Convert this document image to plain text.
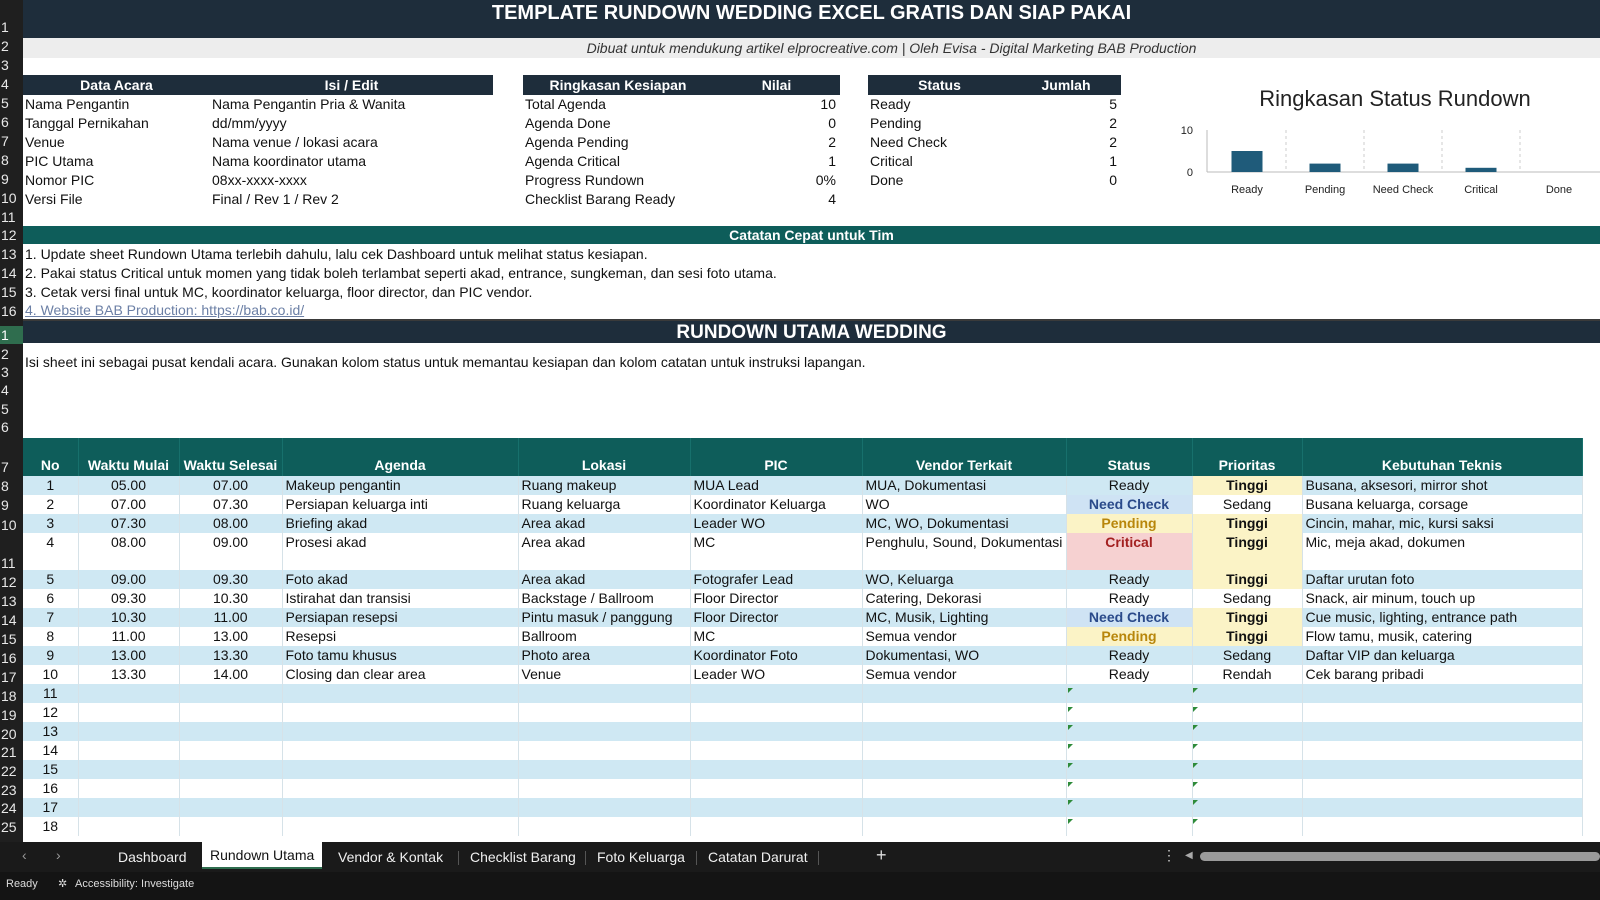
1
2
3
4
5
6
7
8
9
10
11
12
13
14
15
16
1
2
3
4
5
6
7
8
9
10
11
12
13
14
15
16
17
18
19
20
21
22
23
24
25
TEMPLATE RUNDOWN WEDDING EXCEL GRATIS DAN SIAP PAKAI
Dibuat untuk mendukung artikel elprocreative.com | Oleh Evisa - Digital Marketing BAB Production
Data Acara	Isi / Edit
Nama Pengantin	Nama Pengantin Pria & Wanita
Tanggal Pernikahan	dd/mm/yyyy
Venue	Nama venue / lokasi acara
PIC Utama	Nama koordinator utama
Nomor PIC	08xx-xxxx-xxxx
Versi File	Final / Rev 1 / Rev 2
Ringkasan Kesiapan	Nilai
Total Agenda	10
Agenda Done	0
Agenda Pending	2
Agenda Critical	1
Progress Rundown	0%
Checklist Barang Ready	4
Status	Jumlah
Ready	5
Pending	2
Need Check	2
Critical	1
Done	0
Ringkasan Status Rundown
10
0
Ready	Pending	Need Check	Critical	Done
Catatan Cepat untuk Tim
1. Update sheet Rundown Utama terlebih dahulu, lalu cek Dashboard untuk melihat status kesiapan.
2. Pakai status Critical untuk momen yang tidak boleh terlambat seperti akad, entrance, sungkeman, dan sesi foto utama.
3. Cetak versi final untuk MC, koordinator keluarga, floor director, dan PIC vendor.
4. Website BAB Production: https://bab.co.id/
RUNDOWN UTAMA WEDDING
Isi sheet ini sebagai pusat kendali acara. Gunakan kolom status untuk memantau kesiapan dan kolom catatan untuk instruksi lapangan.
No	Waktu Mulai	Waktu Selesai	Agenda	Lokasi	PIC	Vendor Terkait	Status	Prioritas	Kebutuhan Teknis
1	05.00	07.00	Makeup pengantin	Ruang makeup	MUA Lead	MUA, Dokumentasi	Ready	Tinggi	Busana, aksesori, mirror shot
2	07.00	07.30	Persiapan keluarga inti	Ruang keluarga	Koordinator Keluarga	WO	Need Check	Sedang	Busana keluarga, corsage
3	07.30	08.00	Briefing akad	Area akad	Leader WO	MC, WO, Dokumentasi	Pending	Tinggi	Cincin, mahar, mic, kursi saksi
4	08.00	09.00	Prosesi akad	Area akad	MC	Penghulu, Sound, Dokumentasi	Critical	Tinggi	Mic, meja akad, dokumen
5	09.00	09.30	Foto akad	Area akad	Fotografer Lead	WO, Keluarga	Ready	Tinggi	Daftar urutan foto
6	09.30	10.30	Istirahat dan transisi	Backstage / Ballroom	Floor Director	Catering, Dekorasi	Ready	Sedang	Snack, air minum, touch up
7	10.30	11.00	Persiapan resepsi	Pintu masuk / panggung	Floor Director	MC, Musik, Lighting	Need Check	Tinggi	Cue music, lighting, entrance path
8	11.00	13.00	Resepsi	Ballroom	MC	Semua vendor	Pending	Tinggi	Flow tamu, musik, catering
9	13.00	13.30	Foto tamu khusus	Photo area	Koordinator Foto	Dokumentasi, WO	Ready	Sedang	Daftar VIP dan keluarga
10	13.30	14.00	Closing dan clear area	Venue	Leader WO	Semua vendor	Ready	Rendah	Cek barang pribadi
11									
12									
13									
14									
15									
16									
17									
18									
‹ ›	Dashboard	Rundown Utama	Vendor & Kontak Checklist Barang Foto Keluarga Catatan Darurat	+	⋮ ◀
Ready ✲ Accessibility: Investigate
